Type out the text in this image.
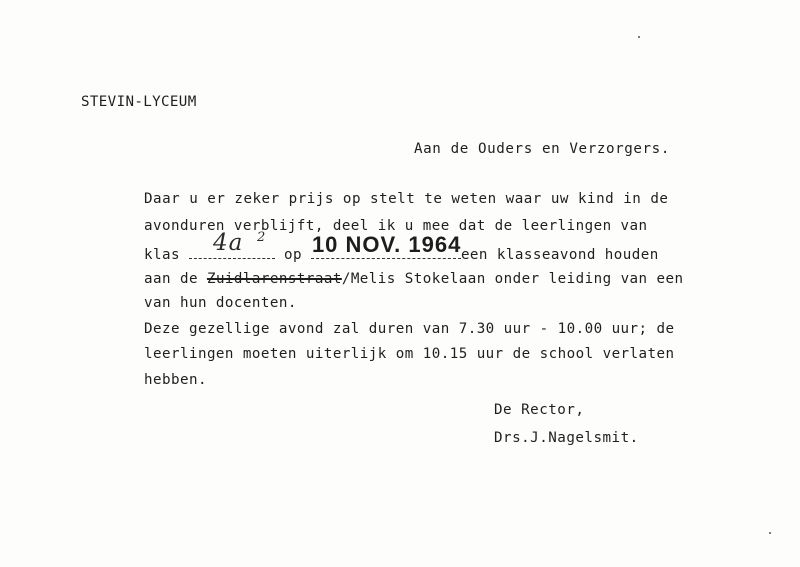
STEVIN-LYCEUM
Aan de Ouders en Verzorgers.
Daar u er zeker prijs op stelt te weten waar uw kind in de
avonduren verblijft, deel ik u mee dat de leerlingen van
klas 4a 2
op 10 NOV. 1964 een klasseavond houden
aan de Zuidlarenstraat/Melis Stokelaan onder leiding van een
van hun docenten.
Deze gezellige avond zal duren van 7.30 uur - 10.00 uur; de
leerlingen moeten uiterlijk om 10.15 uur de school verlaten
hebben.
De Rector,
Drs.J.Nagelsmit.
